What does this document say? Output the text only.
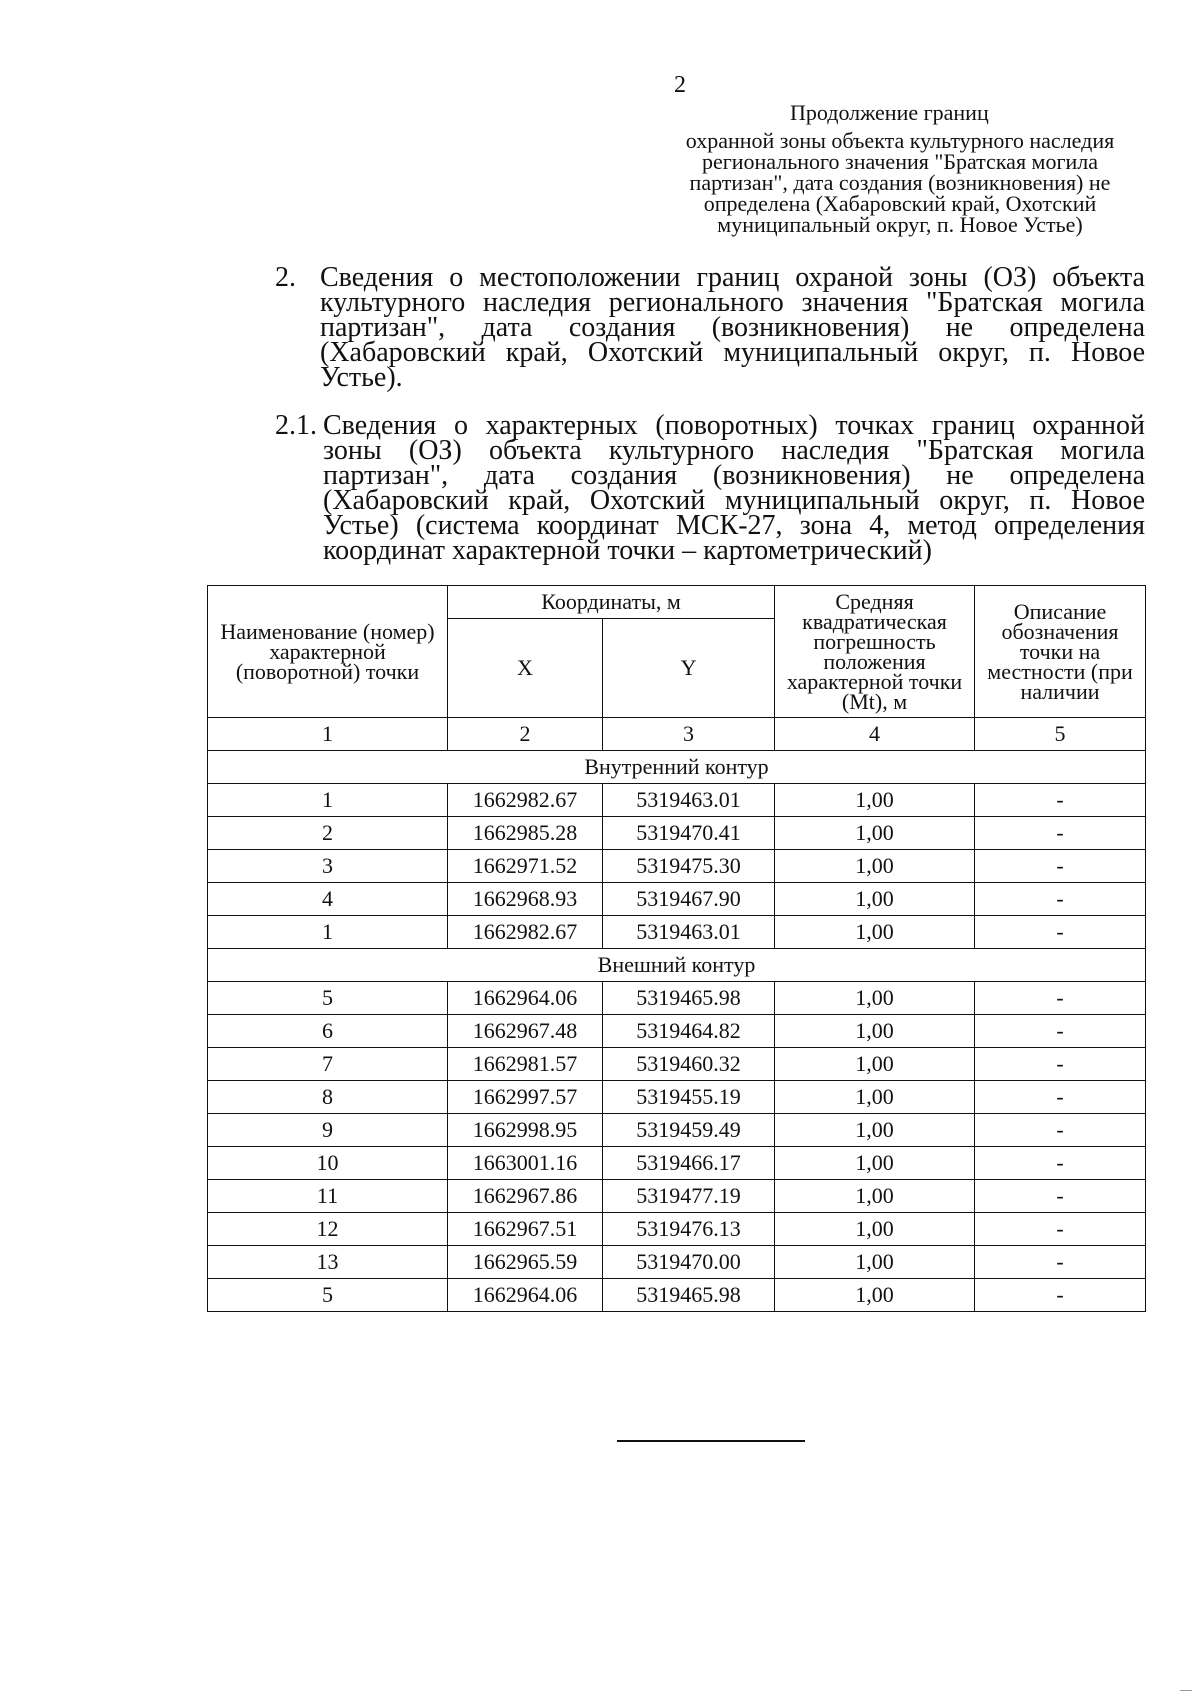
2
Продолжение границ
охранной зоны объекта культурного наследия регионального значения "Братская могила партизан", дата создания (возникновения) не определена (Хабаровский край, Охотский муниципальный округ, п. Новое Устье)
2. Сведения о местоположении границ охраной зоны (ОЗ) объекта культурного наследия регионального значения "Братская могила партизан", дата создания (возникновения) не определена (Хабаровский край, Охотский муниципальный округ, п. Новое Устье).
2.1. Сведения о характерных (поворотных) точках границ охранной зоны (ОЗ) объекта культурного наследия "Братская могила партизан", дата создания (возникновения) не определена (Хабаровский край, Охотский муниципальный округ, п. Новое Устье) (система координат МСК-27, зона 4, метод определения координат характерной точки – картометрический)
Наименование (номер) характерной (поворотной) точки	Координаты, м		Средняя квадратическая погрешность положения характерной точки (Mt), м	Описание обозначения точки на местности (при наличии
	X	Y		
1	2	3	4	5
Внутренний контур				
1	1662982.67	5319463.01	1,00	-
2	1662985.28	5319470.41	1,00	-
3	1662971.52	5319475.30	1,00	-
4	1662968.93	5319467.90	1,00	-
1	1662982.67	5319463.01	1,00	-
Внешний контур				
5	1662964.06	5319465.98	1,00	-
6	1662967.48	5319464.82	1,00	-
7	1662981.57	5319460.32	1,00	-
8	1662997.57	5319455.19	1,00	-
9	1662998.95	5319459.49	1,00	-
10	1663001.16	5319466.17	1,00	-
11	1662967.86	5319477.19	1,00	-
12	1662967.51	5319476.13	1,00	-
13	1662965.59	5319470.00	1,00	-
5	1662964.06	5319465.98	1,00	-
